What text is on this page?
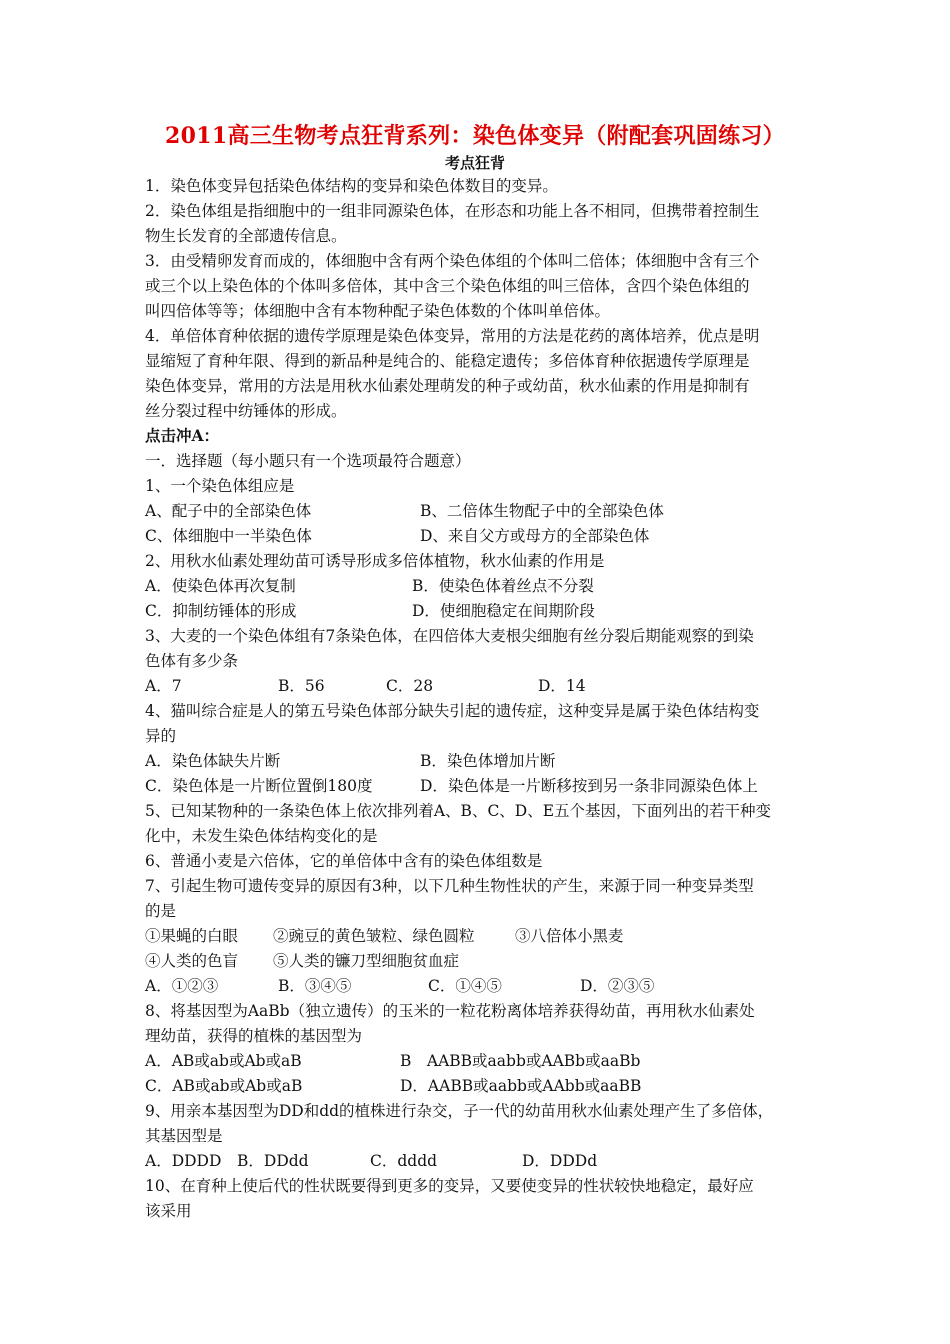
2011高三生物考点狂背系列：染色体变异（附配套巩固练习）
考点狂背
1．染色体变异包括染色体结构的变异和染色体数目的变异。
2．染色体组是指细胞中的一组非同源染色体，在形态和功能上各不相同，但携带着控制生
物生长发育的全部遗传信息。
3．由受精卵发育而成的，体细胞中含有两个染色体组的个体叫二倍体；体细胞中含有三个
或三个以上染色体的个体叫多倍体，其中含三个染色体组的叫三倍体，含四个染色体组的
叫四倍体等等；体细胞中含有本物种配子染色体数的个体叫单倍体。
4．单倍体育种依据的遗传学原理是染色体变异，常用的方法是花药的离体培养，优点是明
显缩短了育种年限、得到的新品种是纯合的、能稳定遗传；多倍体育种依据遗传学原理是
染色体变异，常用的方法是用秋水仙素处理萌发的种子或幼苗，秋水仙素的作用是抑制有
丝分裂过程中纺锤体的形成。
点击冲A：
一．选择题（每小题只有一个选项最符合题意）
1、一个染色体组应是
A、配子中的全部染色体	B、二倍体生物配子中的全部染色体
C、体细胞中一半染色体	D、来自父方或母方的全部染色体
2、用秋水仙素处理幼苗可诱导形成多倍体植物，秋水仙素的作用是
A．使染色体再次复制	B．使染色体着丝点不分裂
C．抑制纺锤体的形成	D．使细胞稳定在间期阶段
3、大麦的一个染色体组有7条染色体，在四倍体大麦根尖细胞有丝分裂后期能观察的到染
色体有多少条
A．7	B．56	C．28	D．14
4、猫叫综合症是人的第五号染色体部分缺失引起的遗传症，这种变异是属于染色体结构变
异的
A．染色体缺失片断	B．染色体增加片断
C．染色体是一片断位置倒180度	D．染色体是一片断移按到另一条非同源染色体上
5、已知某物种的一条染色体上依次排列着A、B、C、D、E五个基因，下面列出的若干种变
化中，未发生染色体结构变化的是
6、普通小麦是六倍体，它的单倍体中含有的染色体组数是
7、引起生物可遗传变异的原因有3种，以下几种生物性状的产生，来源于同一种变异类型
的是
①果蝇的白眼 ②豌豆的黄色皱粒、绿色圆粒	③八倍体小黑麦
④人类的色盲 ⑤人类的镰刀型细胞贫血症
A．①②③	B．③④⑤	C．①④⑤	D．②③⑤
8、将基因型为AaBb（独立遗传）的玉米的一粒花粉离体培养获得幼苗，再用秋水仙素处
理幼苗，获得的植株的基因型为
A．AB或ab或Ab或aB	B　AABB或aabb或AABb或aaBb
C．AB或ab或Ab或aB	D．AABB或aabb或AAbb或aaBB
9、用亲本基因型为DD和dd的植株进行杂交，子一代的幼苗用秋水仙素处理产生了多倍体，
其基因型是
A．DDDD B．DDdd	C．dddd	D．DDDd
10、在育种上使后代的性状既要得到更多的变异，又要使变异的性状较快地稳定，最好应
该采用
